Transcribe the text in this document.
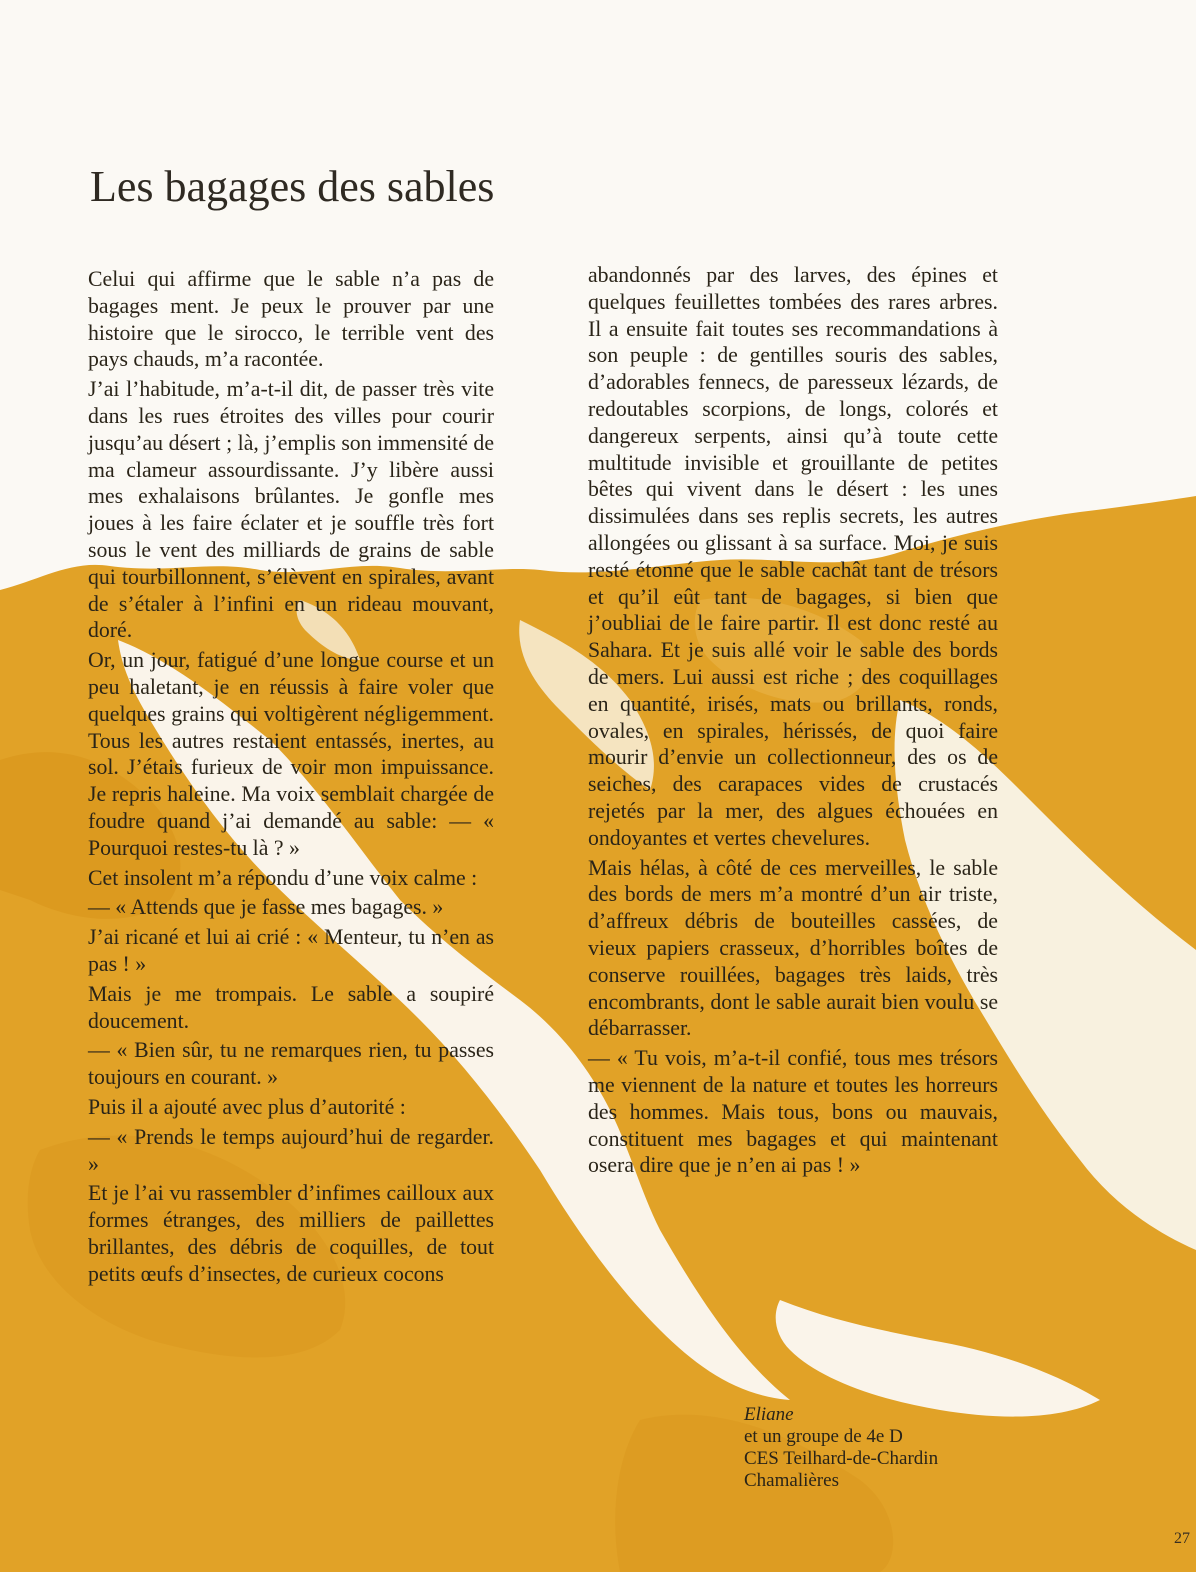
Les bagages des sables

Celui qui affirme que le sable n’a pas de bagages ment. Je peux le prouver par une histoire que le sirocco, le terrible vent des pays chauds, m’a racontée.

J’ai l’habitude, m’a-t-il dit, de passer très vite dans les rues étroites des villes pour courir jusqu’au désert ; là, j’emplis son immensité de ma clameur assourdissante. J’y libère aussi mes exhalaisons brûlantes. Je gonfle mes joues à les faire éclater et je souffle très fort sous le vent des milliards de grains de sable qui tourbillonnent, s’élèvent en spirales, avant de s’étaler à l’infini en un rideau mouvant, doré.

Or, un jour, fatigué d’une longue course et un peu haletant, je en réussis à faire voler que quelques grains qui voltigèrent négligemment. Tous les autres restaient entassés, inertes, au sol. J’étais furieux de voir mon impuissance. Je repris haleine. Ma voix semblait chargée de foudre quand j’ai demandé au sable: — « Pourquoi restes-tu là ? »

Cet insolent m’a répondu d’une voix calme :

— « Attends que je fasse mes bagages. »

J’ai ricané et lui ai crié : « Menteur, tu n’en as pas ! »

Mais je me trompais. Le sable a soupiré doucement.

— « Bien sûr, tu ne remarques rien, tu passes toujours en courant. »

Puis il a ajouté avec plus d’autorité :

— « Prends le temps aujourd’hui de regarder. »

Et je l’ai vu rassembler d’infimes cailloux aux formes étranges, des milliers de paillettes brillantes, des débris de coquilles, de tout petits œufs d’insectes, de curieux cocons

abandonnés par des larves, des épines et quelques feuillettes tombées des rares arbres. Il a ensuite fait toutes ses recommandations à son peuple : de gentilles souris des sables, d’adorables fennecs, de paresseux lézards, de redoutables scorpions, de longs, colorés et dangereux serpents, ainsi qu’à toute cette multitude invisible et grouillante de petites bêtes qui vivent dans le désert : les unes dissimulées dans ses replis secrets, les autres allongées ou glissant à sa surface. Moi, je suis resté étonné que le sable cachât tant de trésors et qu’il eût tant de bagages, si bien que j’oubliai de le faire partir. Il est donc resté au Sahara. Et je suis allé voir le sable des bords de mers. Lui aussi est riche ; des coquillages en quantité, irisés, mats ou brillants, ronds, ovales, en spirales, hérissés, de quoi faire mourir d’envie un collectionneur, des os de seiches, des carapaces vides de crustacés rejetés par la mer, des algues échouées en ondoyantes et vertes chevelures.

Mais hélas, à côté de ces merveilles, le sable des bords de mers m’a montré d’un air triste, d’affreux débris de bouteilles cassées, de vieux papiers crasseux, d’horribles boîtes de conserve rouillées, bagages très laids, très encombrants, dont le sable aurait bien voulu se débarrasser.

— « Tu vois, m’a-t-il confié, tous mes trésors me viennent de la nature et toutes les horreurs des hommes. Mais tous, bons ou mauvais, constituent mes bagages et qui maintenant osera dire que je n’en ai pas ! »

Eliane
et un groupe de 4e D
CES Teilhard-de-Chardin
Chamalières
27
